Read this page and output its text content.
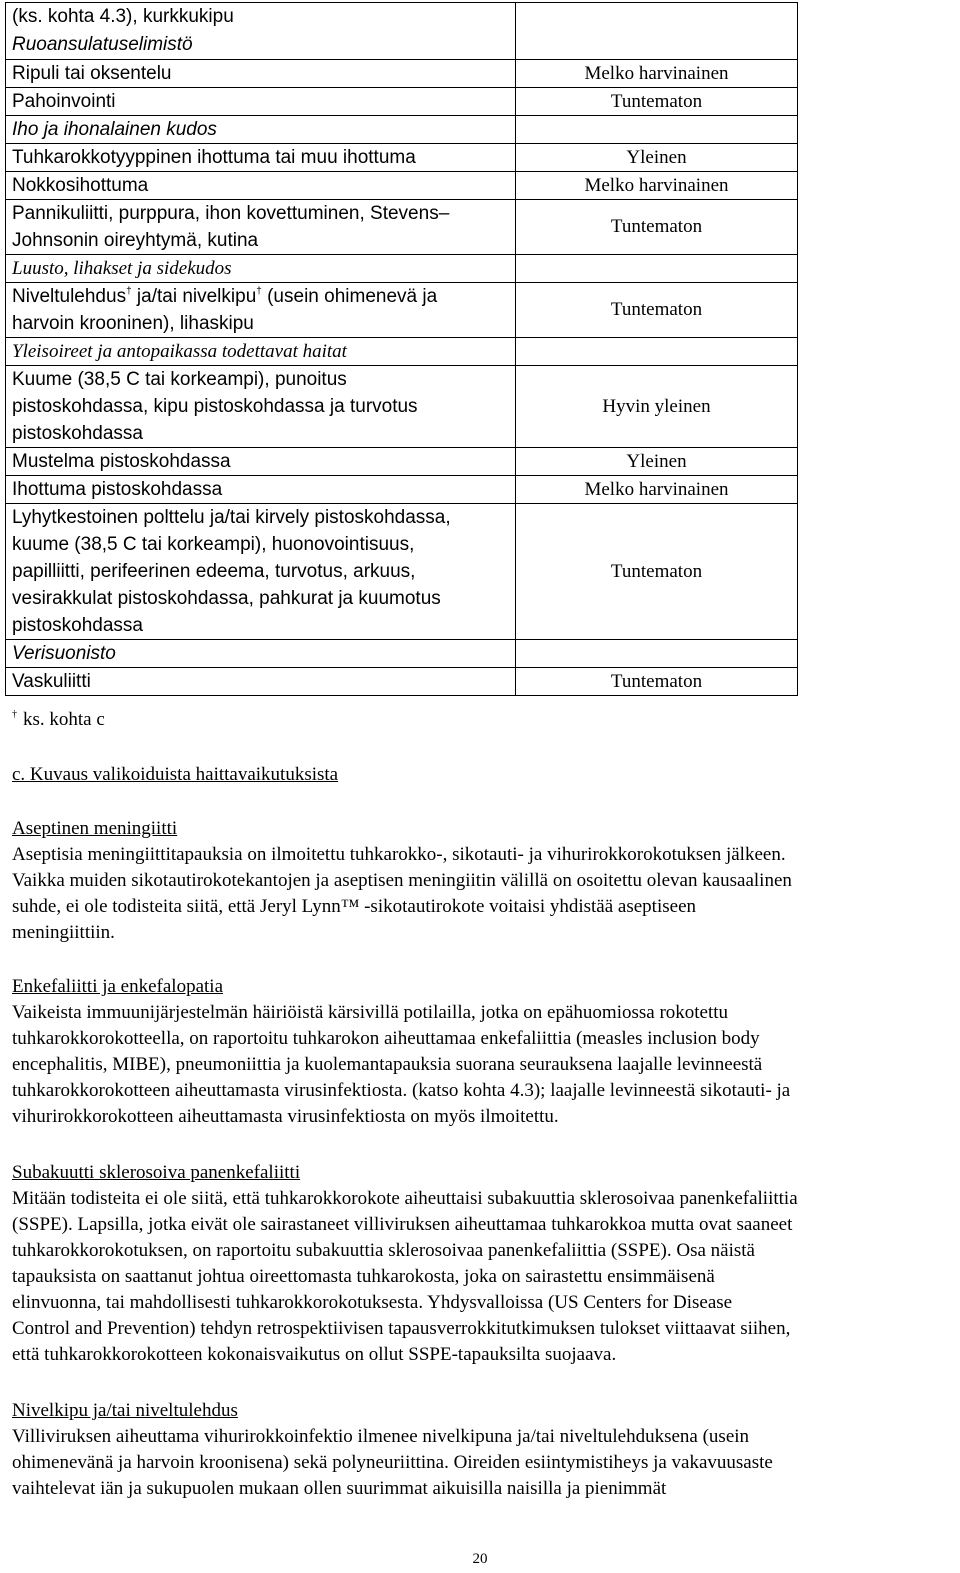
(ks. kohta 4.3), kurkkukipu	
Ruoansulatuselimistö	
Ripuli tai oksentelu	Melko harvinainen
Pahoinvointi	Tuntematon
Iho ja ihonalainen kudos	
Tuhkarokkotyyppinen ihottuma tai muu ihottuma	Yleinen
Nokkosihottuma	Melko harvinainen

Pannikuliitti, purppura, ihon kovettuminen, Stevens–
Johnsonin oireyhtymä, kutina	Tuntematon
Luusto, lihakset ja sidekudos	

Niveltulehdus† ja/tai nivelkipu† (usein ohimenevä ja
harvoin krooninen), lihaskipu	Tuntematon
Yleisoireet ja antopaikassa todettavat haitat	

Kuume (38,5 C tai korkeampi), punoitus
pistoskohdassa, kipu pistoskohdassa ja turvotus
pistoskohdassa	Hyvin yleinen
Mustelma pistoskohdassa	Yleinen
Ihottuma pistoskohdassa	Melko harvinainen

Lyhytkestoinen polttelu ja/tai kirvely pistoskohdassa,
kuume (38,5 C tai korkeampi), huonovointisuus,
papilliitti, perifeerinen edeema, turvotus, arkuus,
vesirakkulat pistoskohdassa, pahkurat ja kuumotus
pistoskohdassa	Tuntematon
Verisuonisto	
Vaskuliitti	Tuntematon
† ks. kohta c

c. Kuvaus valikoiduista haittavaikutuksista

Aseptinen meningiitti

Aseptisia meningiittitapauksia on ilmoitettu tuhkarokko-, sikotauti- ja vihurirokkorokotuksen jälkeen.

Vaikka muiden sikotautirokotekantojen ja aseptisen meningiitin välillä on osoitettu olevan kausaalinen

suhde, ei ole todisteita siitä, että Jeryl Lynn™ -sikotautirokote voitaisi yhdistää aseptiseen

meningiittiin.

Enkefaliitti ja enkefalopatia

Vaikeista immuunijärjestelmän häiriöistä kärsivillä potilailla, jotka on epähuomiossa rokotettu

tuhkarokkorokotteella, on raportoitu tuhkarokon aiheuttamaa enkefaliittia (measles inclusion body

encephalitis, MIBE), pneumoniittia ja kuolemantapauksia suorana seurauksena laajalle levinneestä

tuhkarokkorokotteen aiheuttamasta virusinfektiosta. (katso kohta 4.3); laajalle levinneestä sikotauti- ja

vihurirokkorokotteen aiheuttamasta virusinfektiosta on myös ilmoitettu.

Subakuutti sklerosoiva panenkefaliitti

Mitään todisteita ei ole siitä, että tuhkarokkorokote aiheuttaisi subakuuttia sklerosoivaa panenkefaliittia

(SSPE). Lapsilla, jotka eivät ole sairastaneet villiviruksen aiheuttamaa tuhkarokkoa mutta ovat saaneet

tuhkarokkorokotuksen, on raportoitu subakuuttia sklerosoivaa panenkefaliittia (SSPE). Osa näistä

tapauksista on saattanut johtua oireettomasta tuhkarokosta, joka on sairastettu ensimmäisenä

elinvuonna, tai mahdollisesti tuhkarokkorokotuksesta. Yhdysvalloissa (US Centers for Disease

Control and Prevention) tehdyn retrospektiivisen tapausverrokkitutkimuksen tulokset viittaavat siihen,

että tuhkarokkorokotteen kokonaisvaikutus on ollut SSPE-tapauksilta suojaava.

Nivelkipu ja/tai niveltulehdus

Villiviruksen aiheuttama vihurirokkoinfektio ilmenee nivelkipuna ja/tai niveltulehduksena (usein

ohimenevänä ja harvoin kroonisena) sekä polyneuriittina. Oireiden esiintymistiheys ja vakavuusaste

vaihtelevat iän ja sukupuolen mukaan ollen suurimmat aikuisilla naisilla ja pienimmät

20
